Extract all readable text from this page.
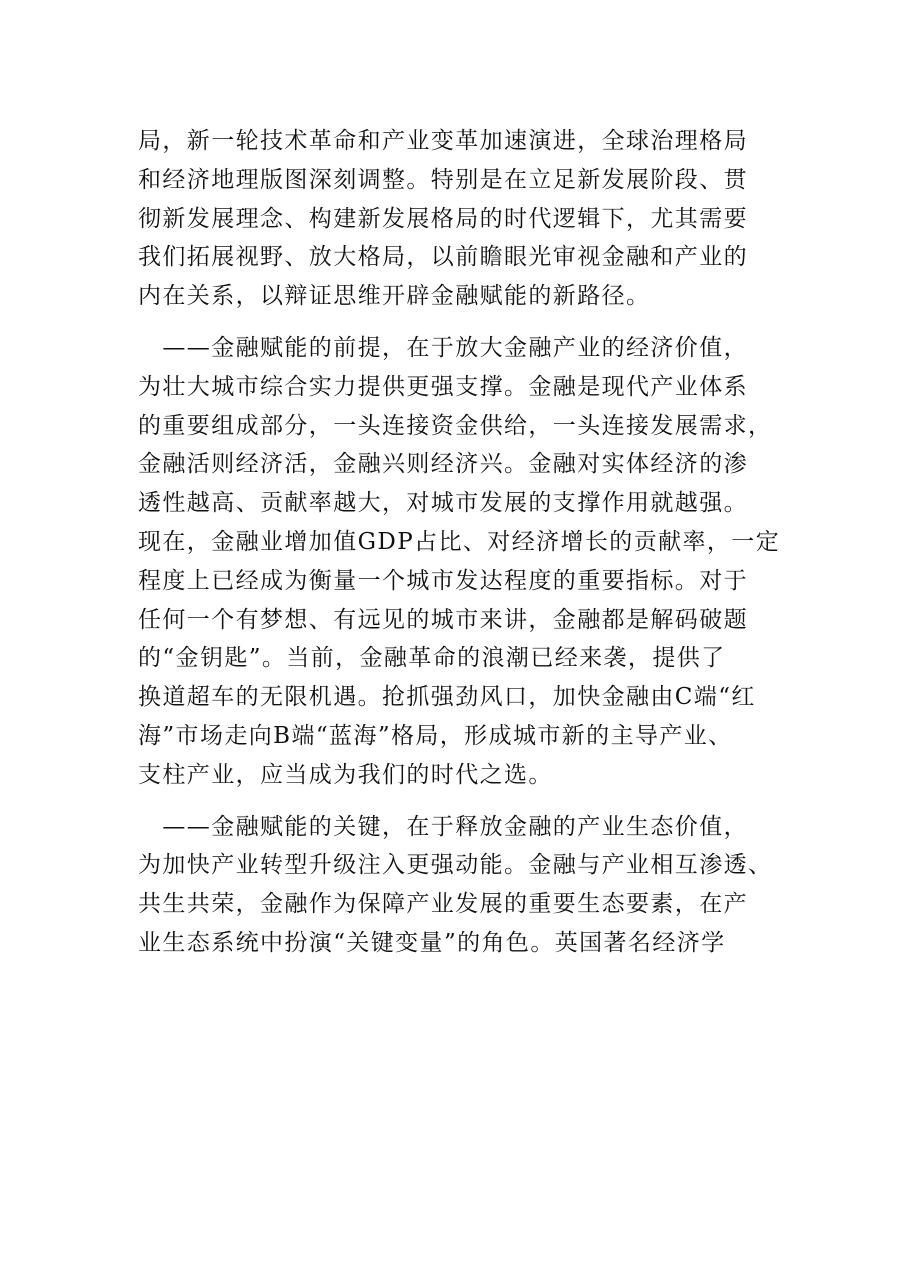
局，新一轮技术革命和产业变革加速演进，全球治理格局
和经济地理版图深刻调整。特别是在立足新发展阶段、贯
彻新发展理念、构建新发展格局的时代逻辑下，尤其需要
我们拓展视野、放大格局，以前瞻眼光审视金融和产业的
内在关系，以辩证思维开辟金融赋能的新路径。
　——金融赋能的前提，在于放大金融产业的经济价值，
为壮大城市综合实力提供更强支撑。金融是现代产业体系
的重要组成部分，一头连接资金供给，一头连接发展需求，
金融活则经济活，金融兴则经济兴。金融对实体经济的渗
透性越高、贡献率越大，对城市发展的支撑作用就越强。
现在，金融业增加值GDP占比、对经济增长的贡献率，一定
程度上已经成为衡量一个城市发达程度的重要指标。对于
任何一个有梦想、有远见的城市来讲，金融都是解码破题
的“金钥匙”。当前，金融革命的浪潮已经来袭，提供了
换道超车的无限机遇。抢抓强劲风口，加快金融由C端“红
海”市场走向B端“蓝海”格局，形成城市新的主导产业、
支柱产业，应当成为我们的时代之选。
　——金融赋能的关键，在于释放金融的产业生态价值，
为加快产业转型升级注入更强动能。金融与产业相互渗透、
共生共荣，金融作为保障产业发展的重要生态要素，在产
业生态系统中扮演“关键变量”的角色。英国著名经济学
